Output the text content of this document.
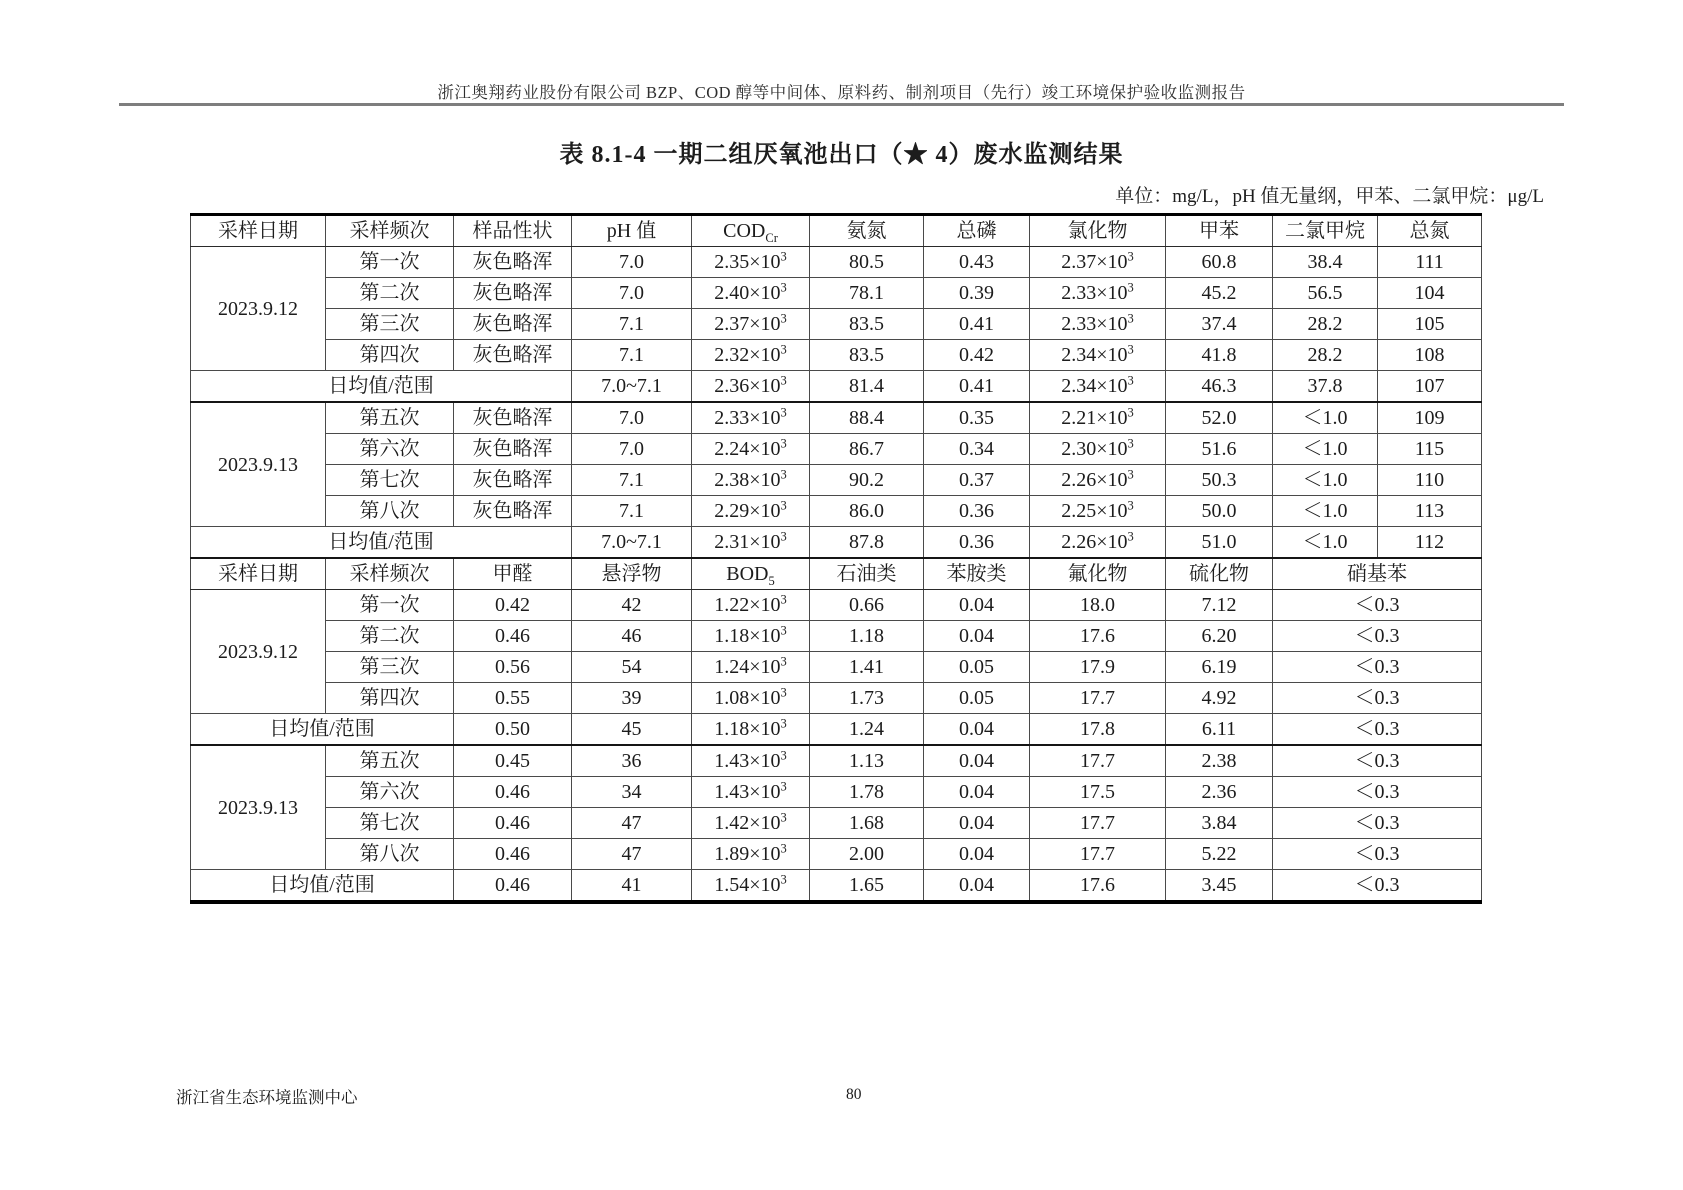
浙江奥翔药业股份有限公司 BZP、COD 醇等中间体、原料药、制剂项目（先行）竣工环境保护验收监测报告
表 8.1-4 一期二组厌氧池出口（★ 4）废水监测结果
单位：mg/L，pH 值无量纲，甲苯、二氯甲烷：μg/L
采样日期	采样频次	样品性状	pH 值	$COD_{Cr}$	氨氮	总磷	氯化物	甲苯	二氯甲烷	总氮
2023.9.12	第一次	灰色略浑	7.0	$2.35\times 10^3$	80.5	0.43	$2.37\times 10^3$	60.8	38.4	111
	第二次	灰色略浑	7.0	$2.40\times 10^3$	78.1	0.39	$2.33\times 10^3$	45.2	56.5	104
	第三次	灰色略浑	7.1	$2.37\times 10^3$	83.5	0.41	$2.33\times 10^3$	37.4	28.2	105
	第四次	灰色略浑	7.1	$2.32\times 10^3$	83.5	0.42	$2.34\times 10^3$	41.8	28.2	108
日均值/范围			7.0~7.1	$2.36\times 10^3$	81.4	0.41	$2.34\times 10^3$	46.3	37.8	107
2023.9.13	第五次	灰色略浑	7.0	$2.33\times 10^3$	88.4	0.35	$2.21\times 10^3$	52.0	＜1.0	109
	第六次	灰色略浑	7.0	$2.24\times 10^3$	86.7	0.34	$2.30\times 10^3$	51.6	＜1.0	115
	第七次	灰色略浑	7.1	$2.38\times 10^3$	90.2	0.37	$2.26\times 10^3$	50.3	＜1.0	110
	第八次	灰色略浑	7.1	$2.29\times 10^3$	86.0	0.36	$2.25\times 10^3$	50.0	＜1.0	113
日均值/范围			7.0~7.1	$2.31\times 10^3$	87.8	0.36	$2.26\times 10^3$	51.0	＜1.0	112
采样日期	采样频次	甲醛	悬浮物	$BOD_5$	石油类	苯胺类	氟化物	硫化物	硝基苯	
2023.9.12	第一次	0.42	42	$1.22\times 10^3$	0.66	0.04	18.0	7.12	＜0.3	
	第二次	0.46	46	$1.18\times 10^3$	1.18	0.04	17.6	6.20	＜0.3	
	第三次	0.56	54	$1.24\times 10^3$	1.41	0.05	17.9	6.19	＜0.3	
	第四次	0.55	39	$1.08\times 10^3$	1.73	0.05	17.7	4.92	＜0.3	
日均值/范围		0.50	45	$1.18\times 10^3$	1.24	0.04	17.8	6.11	＜0.3	
2023.9.13	第五次	0.45	36	$1.43\times 10^3$	1.13	0.04	17.7	2.38	＜0.3	
	第六次	0.46	34	$1.43\times 10^3$	1.78	0.04	17.5	2.36	＜0.3	
	第七次	0.46	47	$1.42\times 10^3$	1.68	0.04	17.7	3.84	＜0.3	
	第八次	0.46	47	$1.89\times 10^3$	2.00	0.04	17.7	5.22	＜0.3	
日均值/范围		0.46	41	$1.54\times 10^3$	1.65	0.04	17.6	3.45	＜0.3	
浙江省生态环境监测中心	80
